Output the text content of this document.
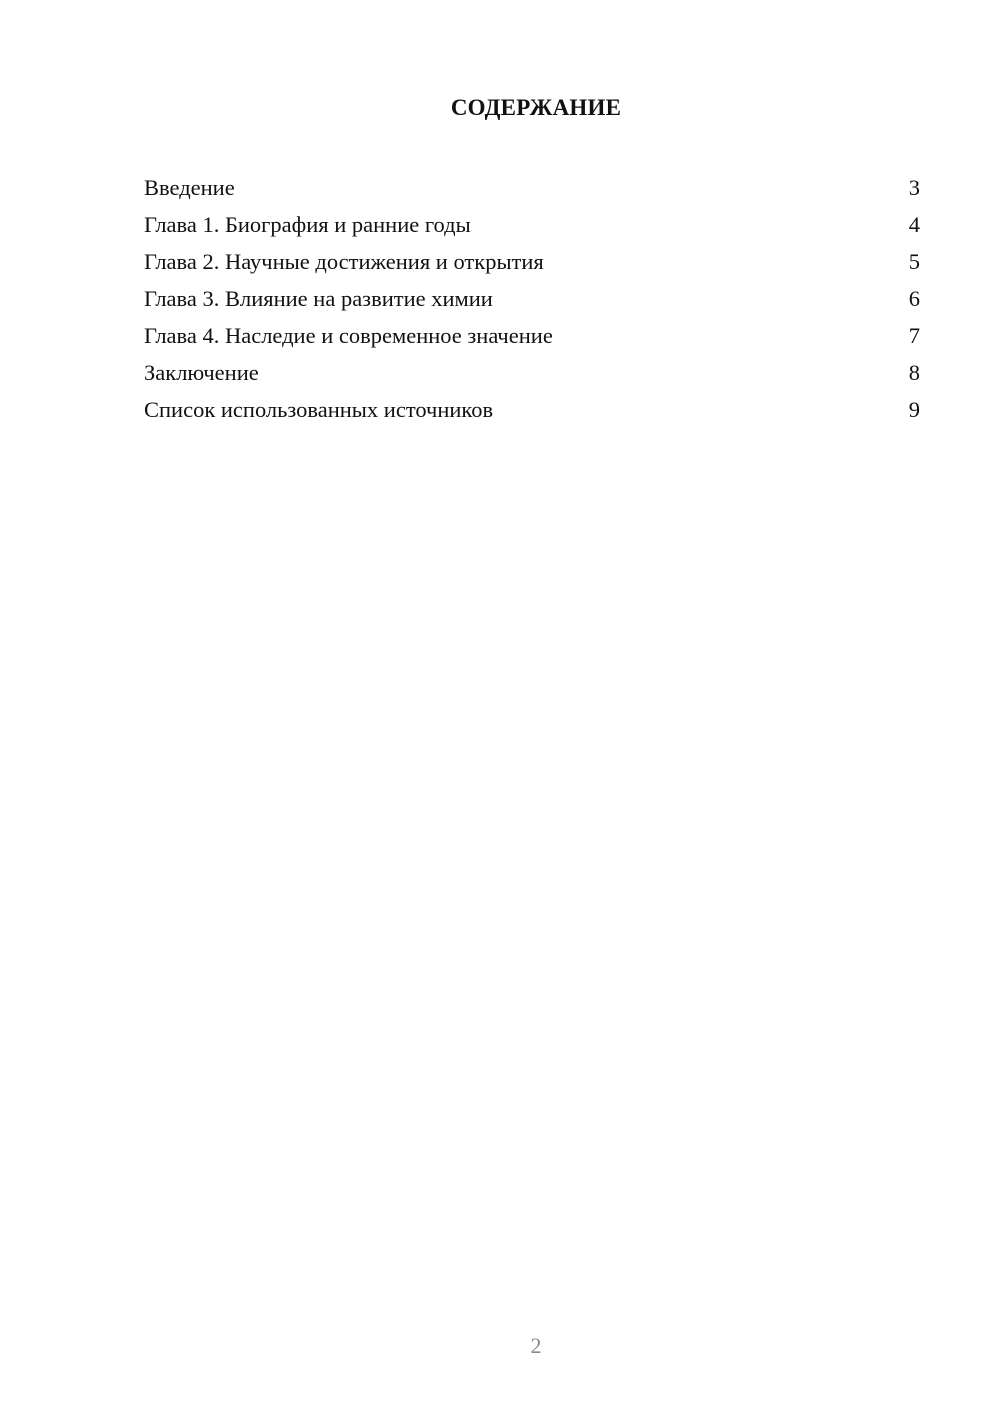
СОДЕРЖАНИЕ
Введение	3
Глава 1. Биография и ранние годы	4
Глава 2. Научные достижения и открытия	5
Глава 3. Влияние на развитие химии	6
Глава 4. Наследие и современное значение	7
Заключение	8
Список использованных источников	9
2
